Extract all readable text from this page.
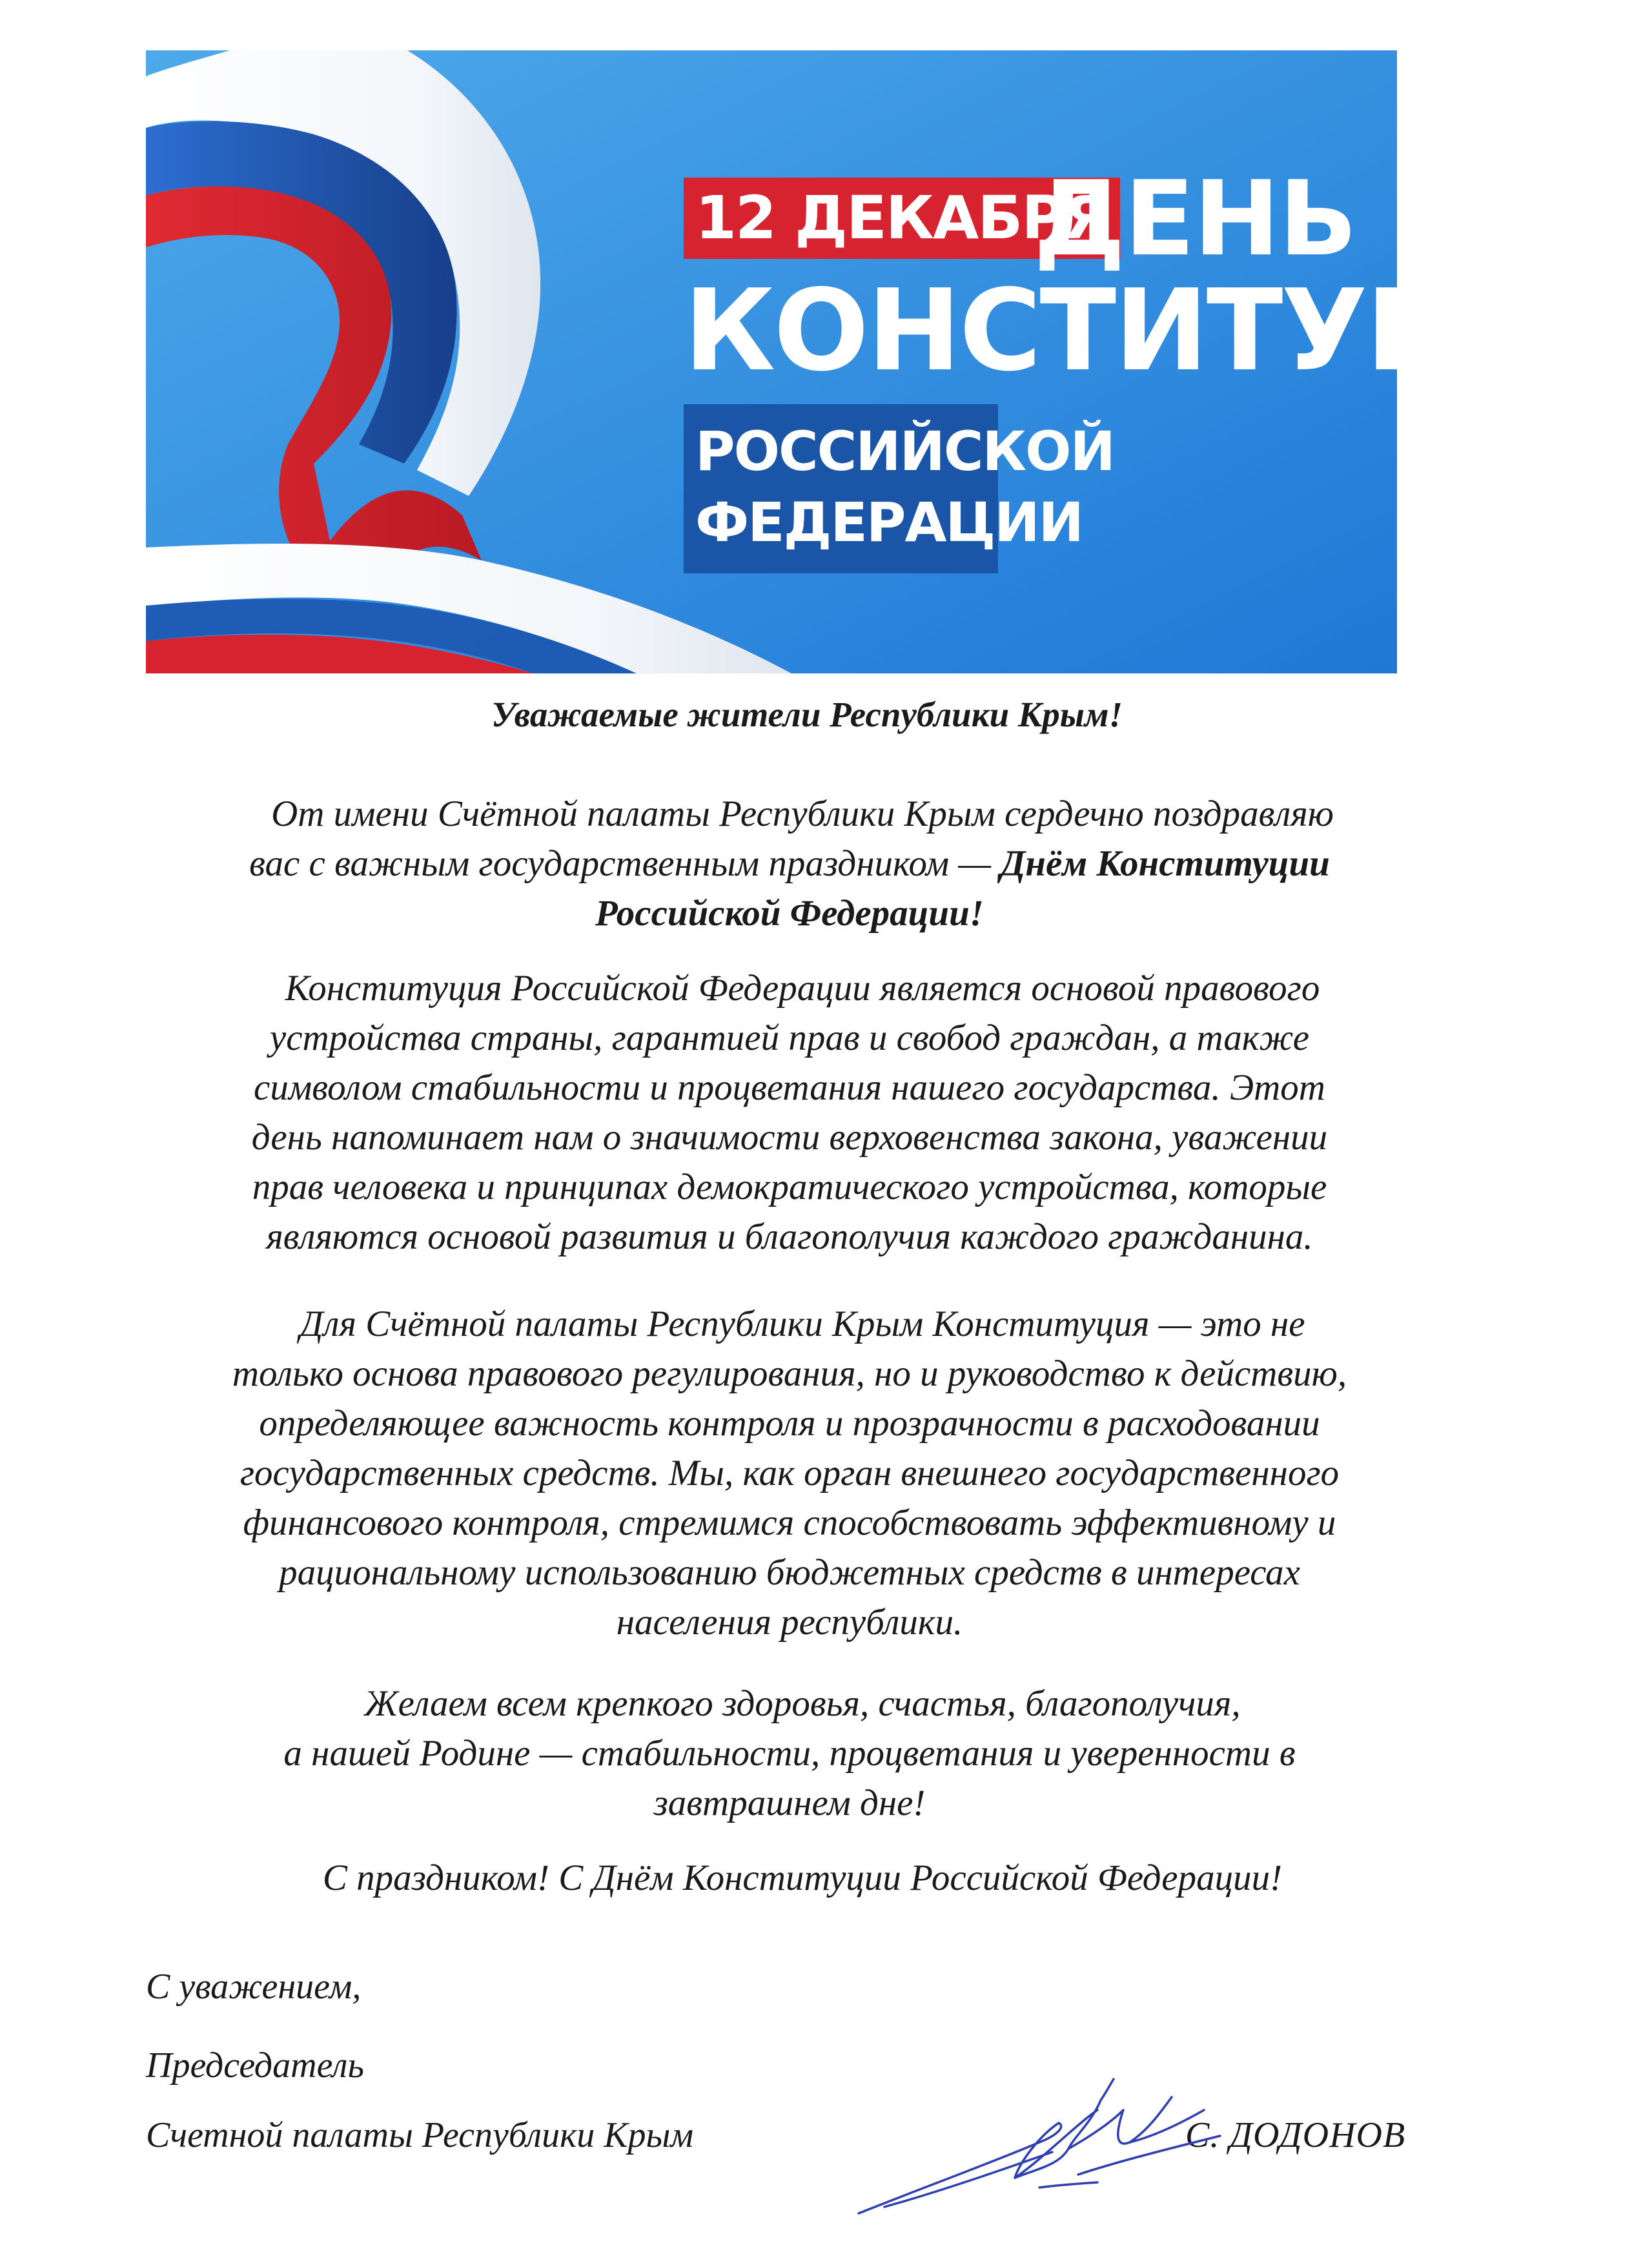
12 ДЕКАБРЯ
ДЕНЬ
КОНСТИТУЦИИ
РОССИЙСКОЙ
ФЕДЕРАЦИИ
Уважаемые жители Республики Крым!
От имени Счётной палаты Республики Крым сердечно поздравляю
вас с важным государственным праздником — Днём Конституции
Российской Федерации!
Конституция Российской Федерации является основой правового
устройства страны, гарантией прав и свобод граждан, а также
символом стабильности и процветания нашего государства. Этот
день напоминает нам о значимости верховенства закона, уважении
прав человека и принципах демократического устройства, которые
являются основой развития и благополучия каждого гражданина.
Для Счётной палаты Республики Крым Конституция — это не
только основа правового регулирования, но и руководство к действию,
определяющее важность контроля и прозрачности в расходовании
государственных средств. Мы, как орган внешнего государственного
финансового контроля, стремимся способствовать эффективному и
рациональному использованию бюджетных средств в интересах
населения республики.
Желаем всем крепкого здоровья, счастья, благополучия,
а нашей Родине — стабильности, процветания и уверенности в
завтрашнем дне!
С праздником! С Днём Конституции Российской Федерации!
С уважением,
Председатель
Счетной палаты Республики Крым	С. ДОДОНОВ
